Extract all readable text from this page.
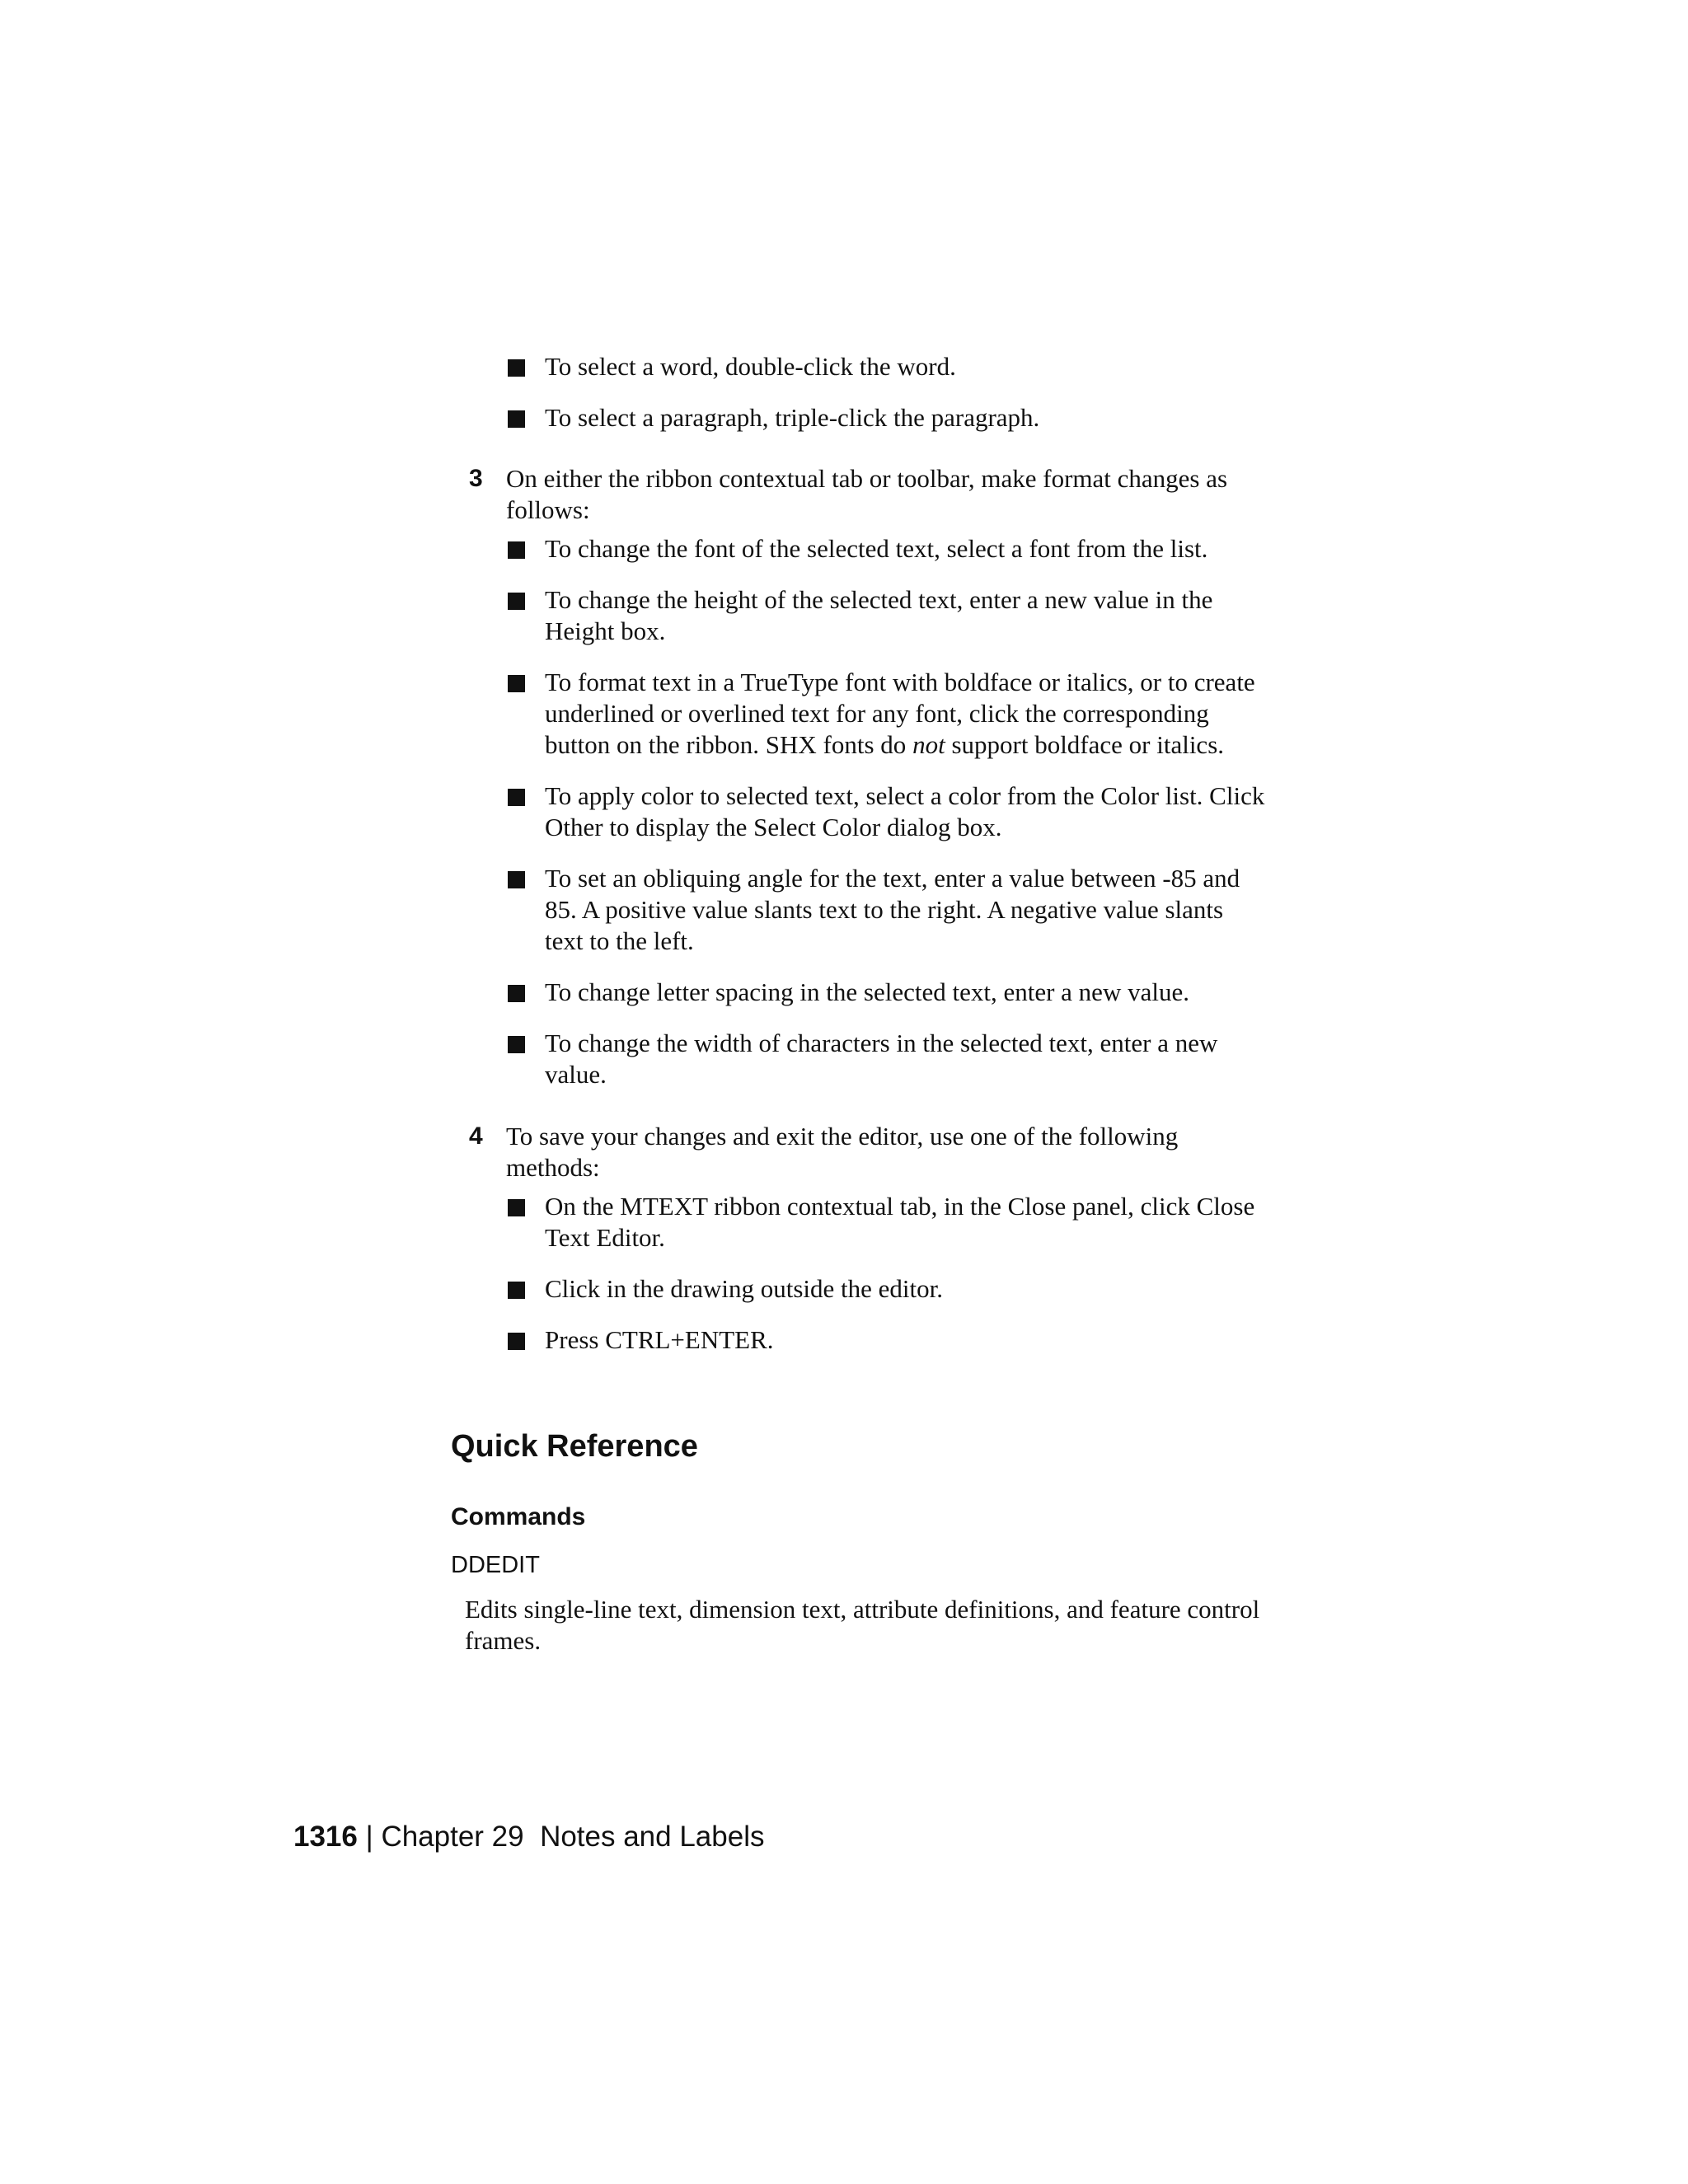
To select a word, double-click the word.
To select a paragraph, triple-click the paragraph.
3 On either the ribbon contextual tab or toolbar, make format changes as
follows:
To change the font of the selected text, select a font from the list.
To change the height of the selected text, enter a new value in the
Height box.
To format text in a TrueType font with boldface or italics, or to create
underlined or overlined text for any font, click the corresponding
button on the ribbon. SHX fonts do not support boldface or italics.
To apply color to selected text, select a color from the Color list. Click
Other to display the Select Color dialog box.
To set an obliquing angle for the text, enter a value between -85 and
85. A positive value slants text to the right. A negative value slants
text to the left.
To change letter spacing in the selected text, enter a new value.
To change the width of characters in the selected text, enter a new
value.
4 To save your changes and exit the editor, use one of the following
methods:
On the MTEXT ribbon contextual tab, in the Close panel, click Close
Text Editor.
Click in the drawing outside the editor.
Press CTRL+ENTER.
Quick Reference
Commands
DDEDIT
Edits single-line text, dimension text, attribute definitions, and feature control
frames.
1316 | Chapter 29 Notes and Labels
